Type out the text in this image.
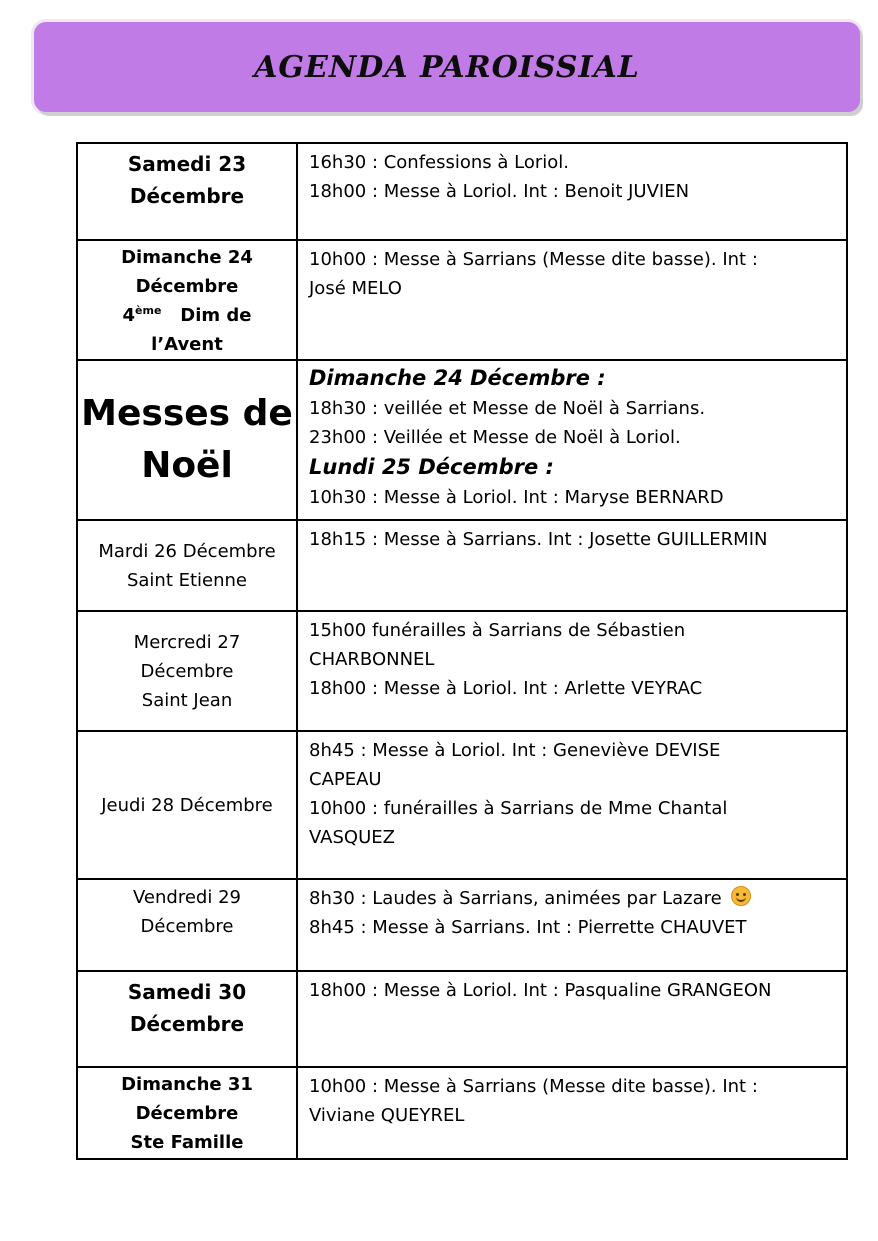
AGENDA PAROISSIAL
Samedi 23
Décembre	16h30 : Confessions à Loriol.
18h00 : Messe à Loriol. Int : Benoit JUVIEN

Dimanche 24
Décembre
4ème Dim de
l’Avent	10h00 : Messe à Sarrians (Messe dite basse). Int :
José MELO

Messes de
Noël	Dimanche 24 Décembre :
18h30 : veillée et Messe de Noël à Sarrians.
23h00 : Veillée et Messe de Noël à Loriol.
Lundi 25 Décembre :
10h30 : Messe à Loriol. Int : Maryse BERNARD

Mardi 26 Décembre
Saint Etienne	18h15 : Messe à Sarrians. Int : Josette GUILLERMIN

Mercredi 27
Décembre
Saint Jean	15h00 funérailles à Sarrians de Sébastien
CHARBONNEL
18h00 : Messe à Loriol. Int : Arlette VEYRAC

Jeudi 28 Décembre	8h45 : Messe à Loriol. Int : Geneviève DEVISE
CAPEAU
10h00 : funérailles à Sarrians de Mme Chantal
VASQUEZ

Vendredi 29
Décembre	8h30 : Laudes à Sarrians, animées par Lazare
8h45 : Messe à Sarrians. Int : Pierrette CHAUVET

Samedi 30
Décembre	18h00 : Messe à Loriol. Int : Pasqualine GRANGEON

Dimanche 31
Décembre
Ste Famille	10h00 : Messe à Sarrians (Messe dite basse). Int :
Viviane QUEYREL
